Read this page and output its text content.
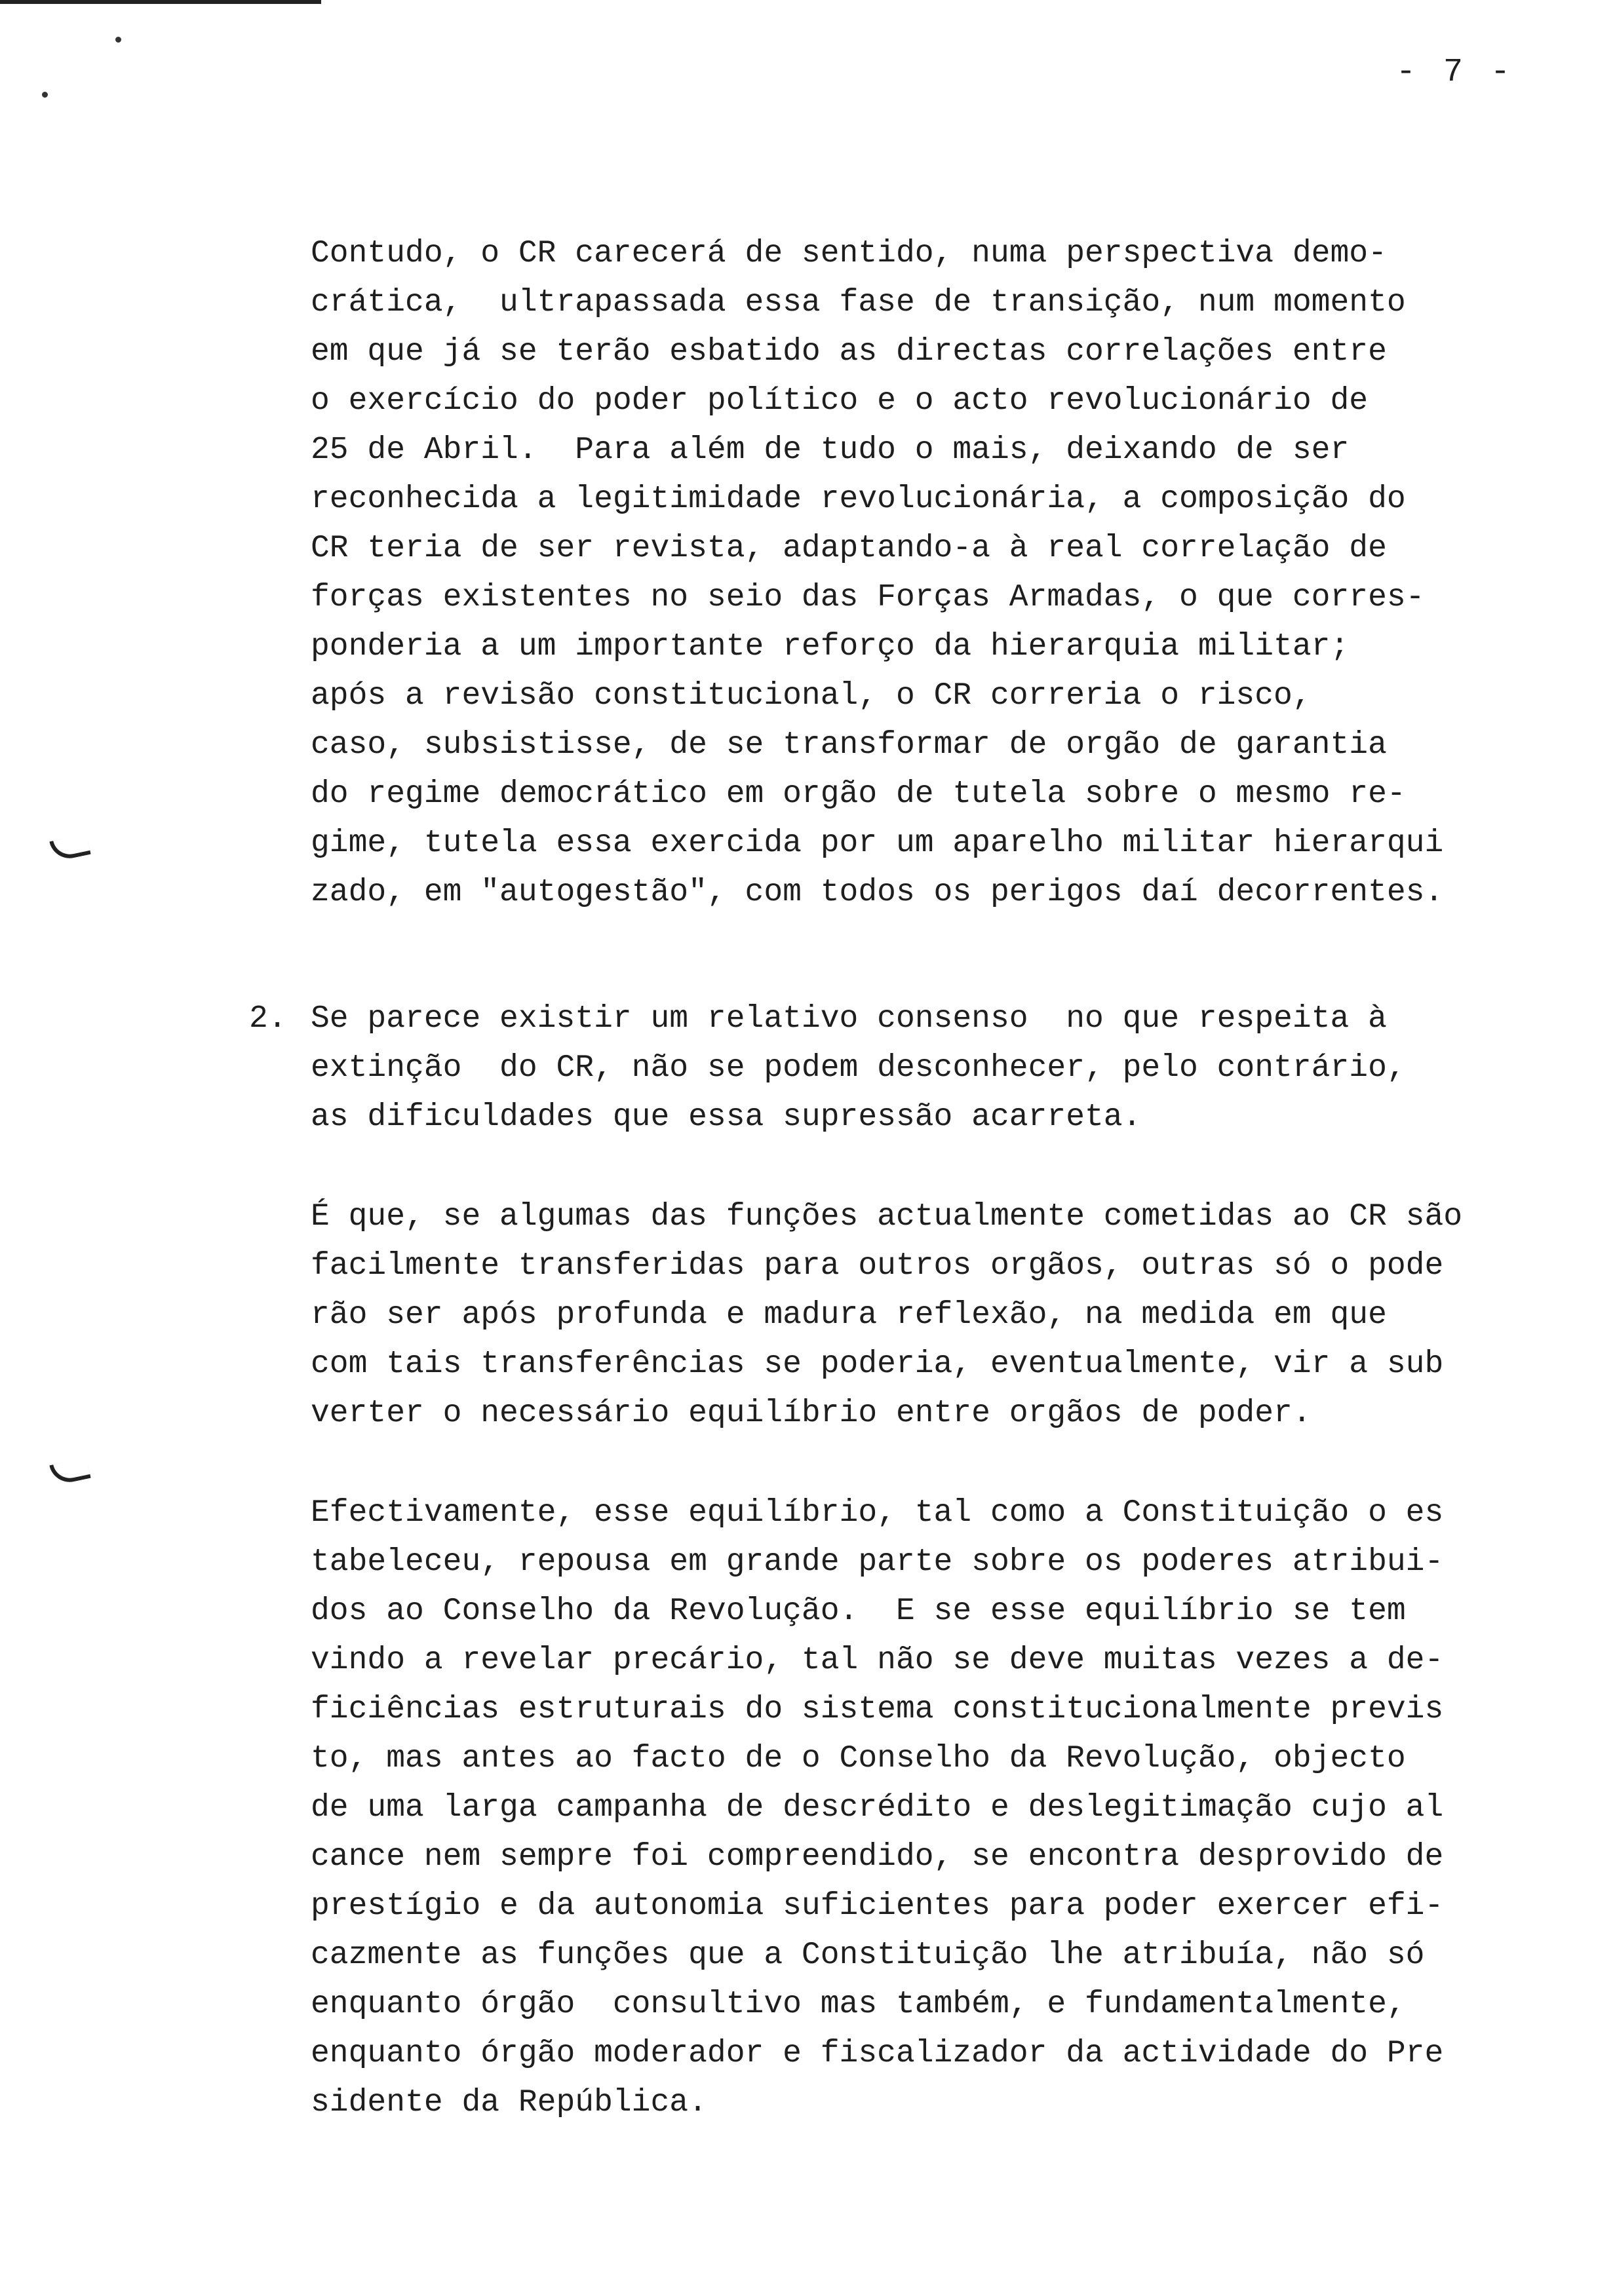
- 7 -
Contudo, o CR carecerá de sentido, numa perspectiva demo-
crática,  ultrapassada essa fase de transição, num momento
em que já se terão esbatido as directas correlações entre
o exercício do poder político e o acto revolucionário de
25 de Abril.  Para além de tudo o mais, deixando de ser
reconhecida a legitimidade revolucionária, a composição do
CR teria de ser revista, adaptando-a à real correlação de
forças existentes no seio das Forças Armadas, o que corres-
ponderia a um importante reforço da hierarquia militar;
após a revisão constitucional, o CR correria o risco,
caso, subsistisse, de se transformar de orgão de garantia
do regime democrático em orgão de tutela sobre o mesmo re-
gime, tutela essa exercida por um aparelho militar hierarqui
zado, em "autogestão", com todos os perigos daí decorrentes.
2. Se parece existir um relativo consenso  no que respeita à
extinção  do CR, não se podem desconhecer, pelo contrário,
as dificuldades que essa supressão acarreta.
É que, se algumas das funções actualmente cometidas ao CR são
facilmente transferidas para outros orgãos, outras só o pode
rão ser após profunda e madura reflexão, na medida em que
com tais transferências se poderia, eventualmente, vir a sub
verter o necessário equilíbrio entre orgãos de poder.
Efectivamente, esse equilíbrio, tal como a Constituição o es
tabeleceu, repousa em grande parte sobre os poderes atribui-
dos ao Conselho da Revolução.  E se esse equilíbrio se tem
vindo a revelar precário, tal não se deve muitas vezes a de-
ficiências estruturais do sistema constitucionalmente previs
to, mas antes ao facto de o Conselho da Revolução, objecto
de uma larga campanha de descrédito e deslegitimação cujo al
cance nem sempre foi compreendido, se encontra desprovido de
prestígio e da autonomia suficientes para poder exercer efi-
cazmente as funções que a Constituição lhe atribuía, não só
enquanto órgão  consultivo mas também, e fundamentalmente,
enquanto órgão moderador e fiscalizador da actividade do Pre
sidente da República.
